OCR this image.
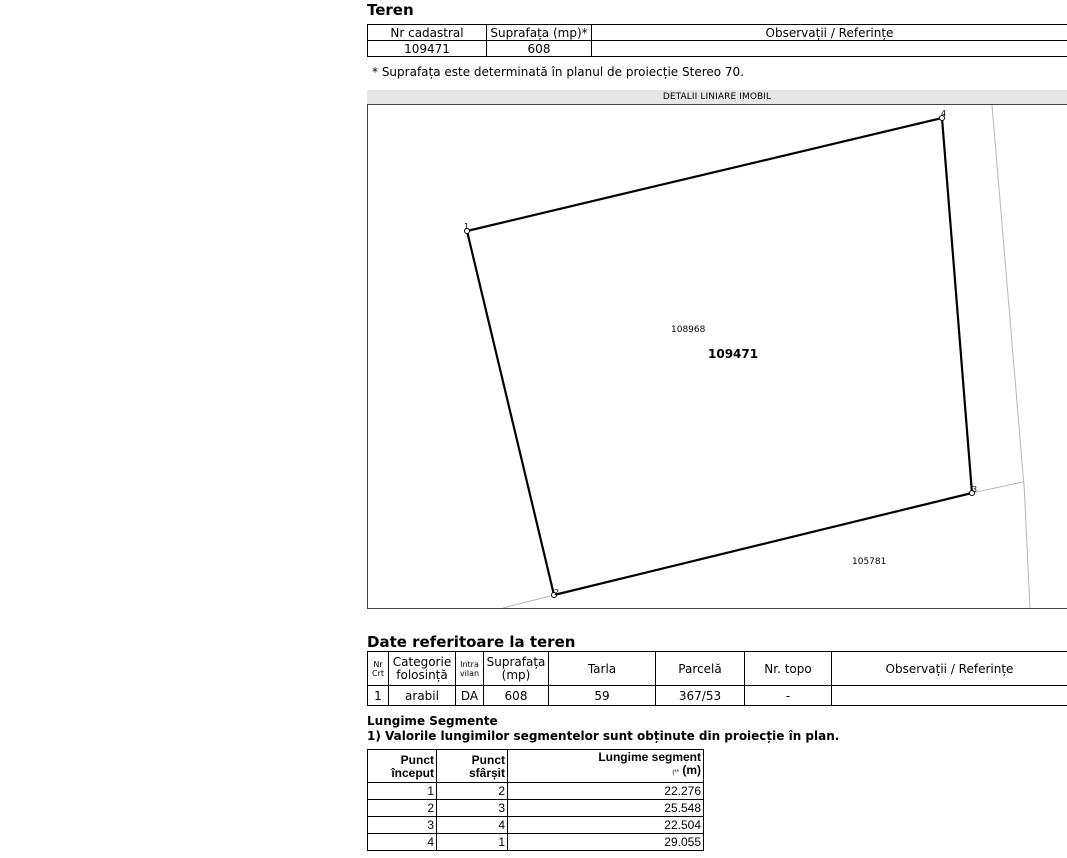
Teren
Nr cadastral	Suprafața (mp)*	Observații / Referințe
109471	608	
* Suprafața este determinată în planul de proiecție Stereo 70.
DETALII LINIARE IMOBIL
1
2
3
4
108968
109471
105781
Date referitoare la teren
Nr Crt	Categorie folosință	Intra vilan	Suprafața (mp)	Tarla	Parcelă	Nr. topo	Observații / Referințe
1	arabil	DA	608	59	367/53	-	
Lungime Segmente
1) Valorile lungimilor segmentelor sunt obținute din proiecție în plan.
Punct început	Punct sfârșit	Lungime segment
(** (m)
1	2	22.276
2	3	25.548
3	4	22.504
4	1	29.055
